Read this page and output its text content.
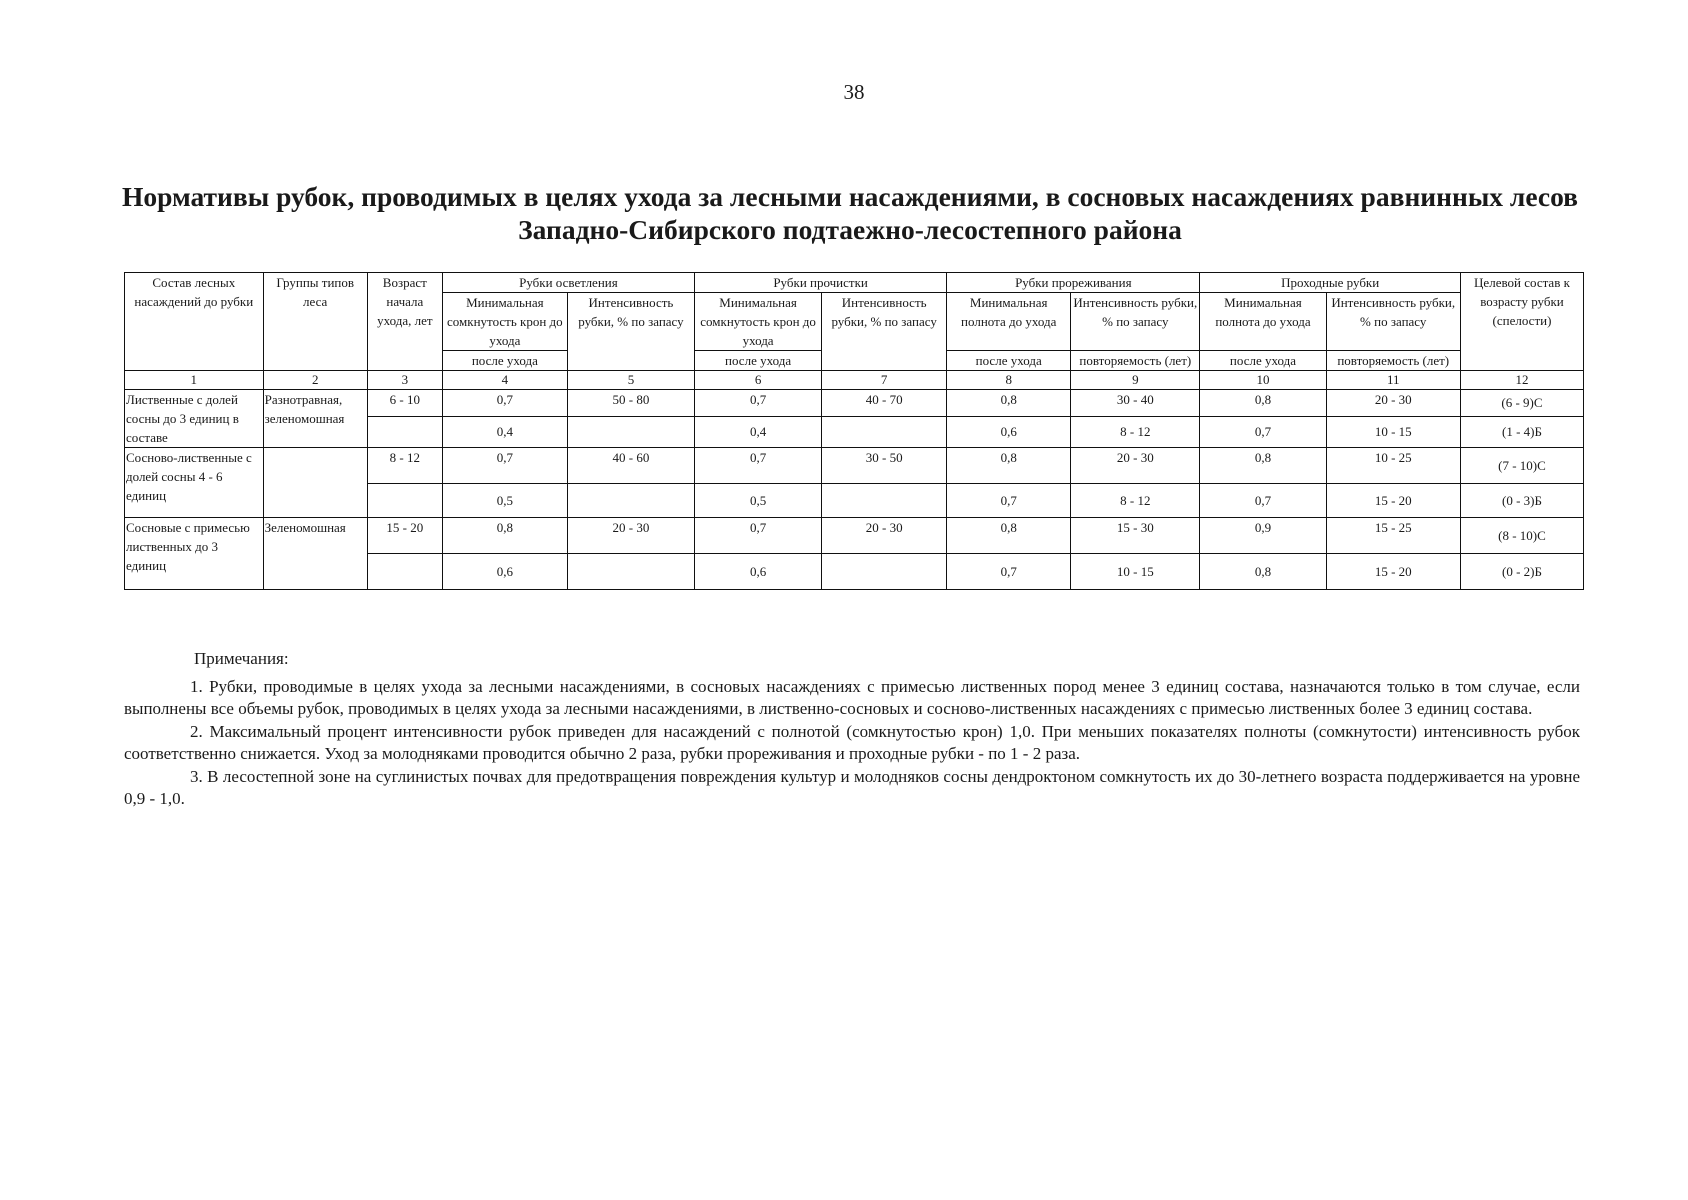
38
Нормативы рубок, проводимых в целях ухода за лесными насаждениями, в сосновых насаждениях равнинных лесов Западно-Сибирского подтаежно-лесостепного района
Состав лесных насаждений до рубки	Группы типов леса	Возраст начала ухода, лет	Рубки осветления		Рубки прочистки		Рубки прореживания		Проходные рубки		Целевой состав к возрасту рубки (спелости)
			Минимальная сомкнутость крон до ухода	Интенсивность рубки, % по запасу	Минимальная сомкнутость крон до ухода	Интенсивность рубки, % по запасу	Минимальная полнота до ухода	Интенсивность рубки, % по запасу	Минимальная полнота до ухода	Интенсивность рубки, % по запасу	
			после ухода		после ухода		после ухода	повторяемость (лет)	после ухода	повторяемость (лет)	
1	2	3	4	5	6	7	8	9	10	11	12
Лиственные с долей сосны до 3 единиц в составе	Разнотравная, зеленомошная	6 - 10	0,7	50 - 80	0,7	40 - 70	0,8	30 - 40	0,8	20 - 30	(6 - 9)С
			0,4		0,4		0,6	8 - 12	0,7	10 - 15	(1 - 4)Б
Сосново-лиственные с долей сосны 4 - 6 единиц		8 - 12	0,7	40 - 60	0,7	30 - 50	0,8	20 - 30	0,8	10 - 25	(7 - 10)С
			0,5		0,5		0,7	8 - 12	0,7	15 - 20	(0 - 3)Б
Сосновые с примесью лиственных до 3 единиц	Зеленомошная	15 - 20	0,8	20 - 30	0,7	20 - 30	0,8	15 - 30	0,9	15 - 25	(8 - 10)С
			0,6		0,6		0,7	10 - 15	0,8	15 - 20	(0 - 2)Б

Примечания:

1. Рубки, проводимые в целях ухода за лесными насаждениями, в сосновых насаждениях с примесью лиственных пород менее 3 единиц состава, назначаются только в том случае, если выполнены все объемы рубок, проводимых в целях ухода за лесными насаждениями, в лиственно-сосновых и сосново-лиственных насаждениях с примесью лиственных более 3 единиц состава.

2. Максимальный процент интенсивности рубок приведен для насаждений с полнотой (сомкнутостью крон) 1,0. При меньших показателях полноты (сомкнутости) интенсивность рубок соответственно снижается. Уход за молодняками проводится обычно 2 раза, рубки прореживания и проходные рубки - по 1 - 2 раза.

3. В лесостепной зоне на суглинистых почвах для предотвращения повреждения культур и молодняков сосны дендроктоном сомкнутость их до 30-летнего возраста поддерживается на уровне 0,9 - 1,0.
